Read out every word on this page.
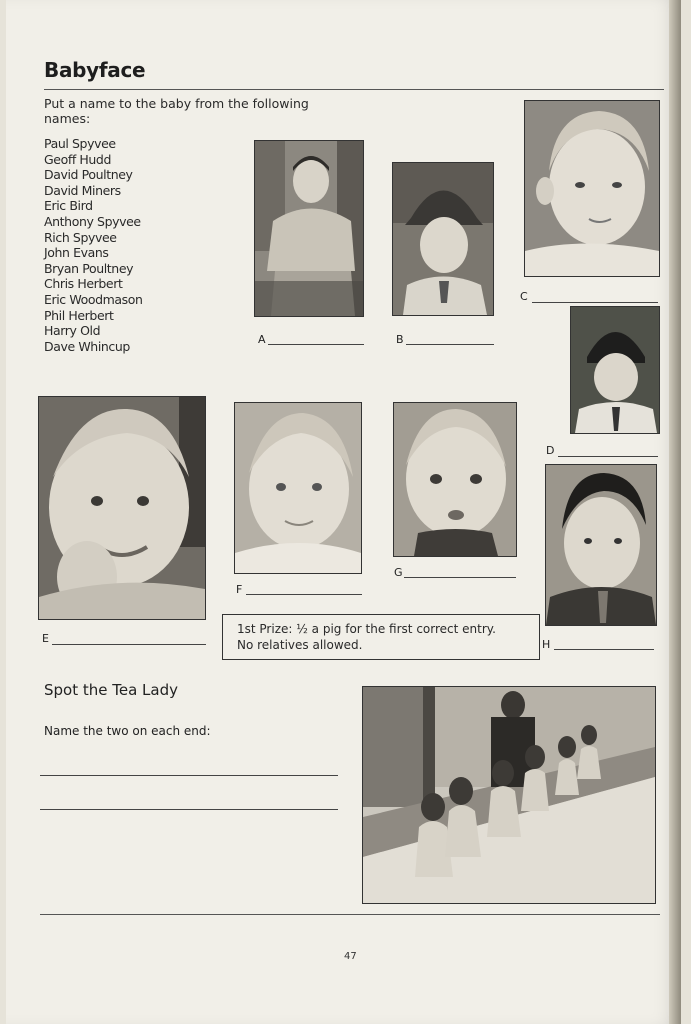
Babyface
Put a name to the baby from the following names:
Paul Spyvee
Geoff Hudd
David Poultney
David Miners
Eric Bird
Anthony Spyvee
Rich Spyvee
John Evans
Bryan Poultney
Chris Herbert
Eric Woodmason
Phil Herbert
Harry Old
Dave Whincup	A	B
C
D
E
F
G
H
1st Prize: ½ a pig for the first correct entry.
No relatives allowed.
Spot the Tea Lady
Name the two on each end:
47
